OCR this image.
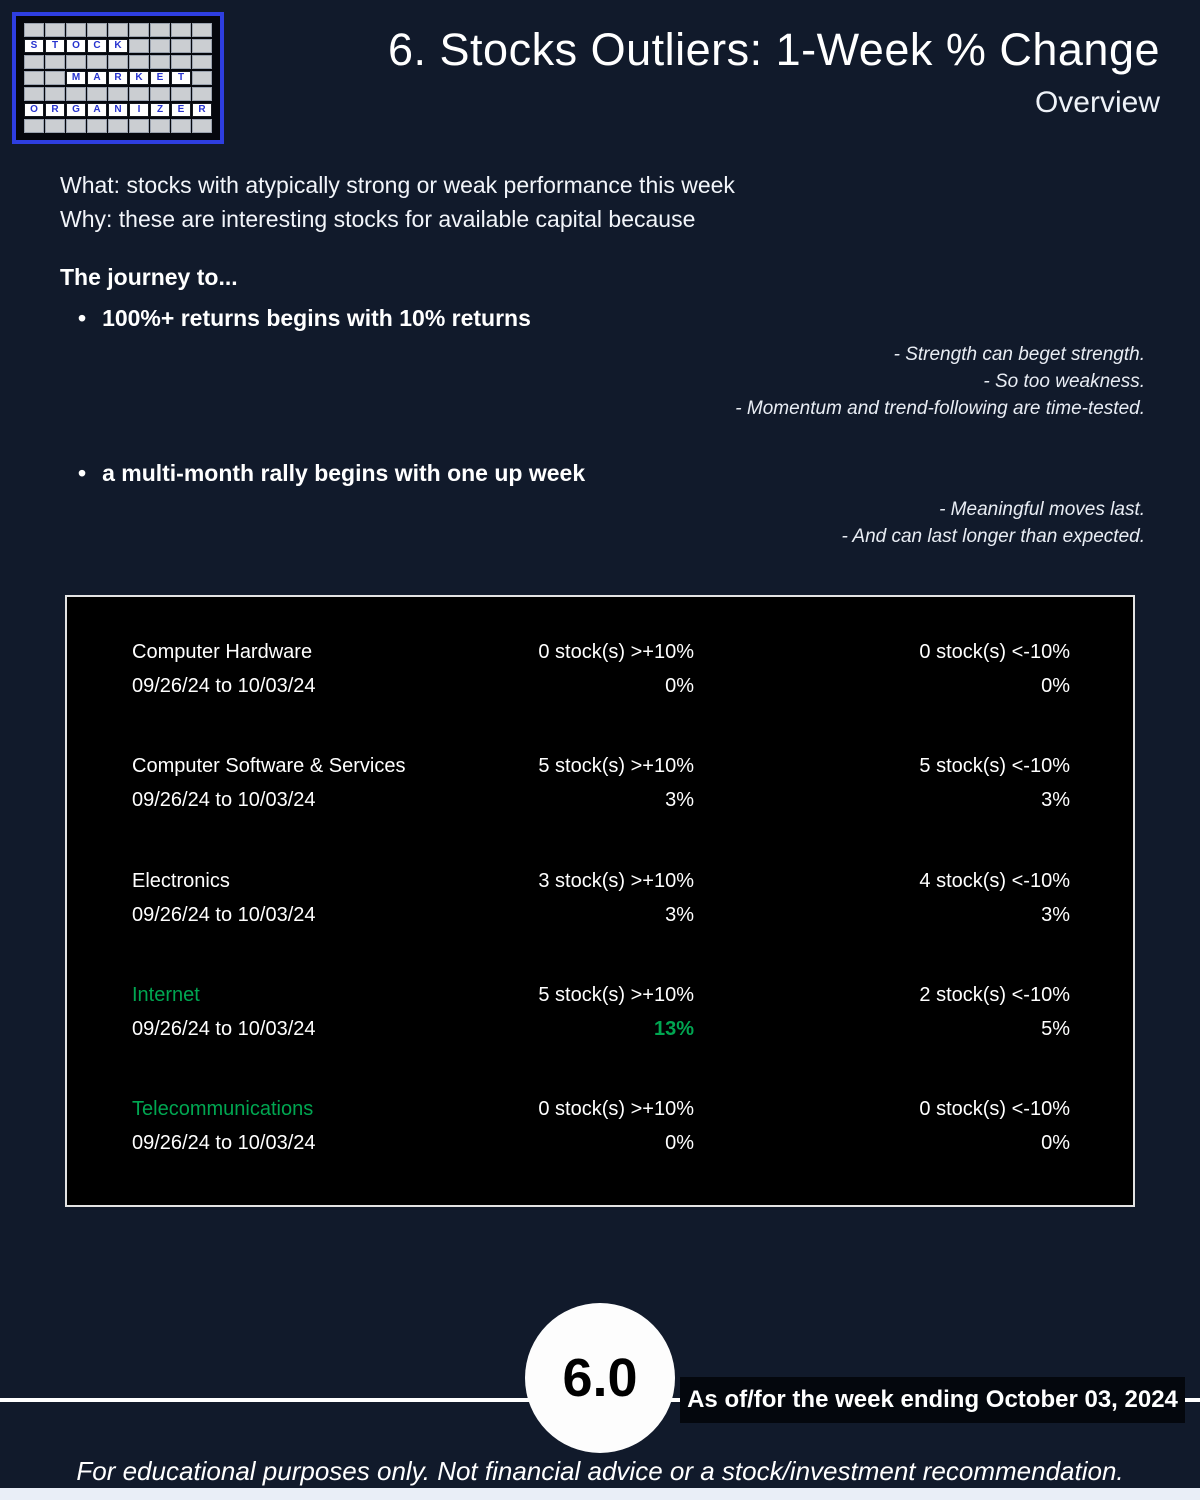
S	T	O	C	K
M	A	R	K	E	T
O	R	G	A	N	I	Z	E	R
6. Stocks Outliers: 1-Week % Change
Overview
What: stocks with atypically strong or weak performance this week
Why: these are interesting stocks for available capital because
The journey to...
• 100%+ returns begins with 10% returns
- Strength can beget strength.
- So too weakness.
- Momentum and trend-following are time-tested.
• a multi-month rally begins with one up week
- Meaningful moves last.
- And can last longer than expected.
Computer Hardware	0 stock(s) >+10%	0 stock(s) <-10%
09/26/24 to 10/03/24	0%	0%
Computer Software & Services	5 stock(s) >+10%	5 stock(s) <-10%
09/26/24 to 10/03/24	3%	3%
Electronics	3 stock(s) >+10%	4 stock(s) <-10%
09/26/24 to 10/03/24	3%	3%
Internet	5 stock(s) >+10%	2 stock(s) <-10%
09/26/24 to 10/03/24	13%	5%
Telecommunications	0 stock(s) >+10%	0 stock(s) <-10%
09/26/24 to 10/03/24	0%	0%
6.0 As of/for the week ending October 03, 2024
For educational purposes only. Not financial advice or a stock/investment recommendation.
